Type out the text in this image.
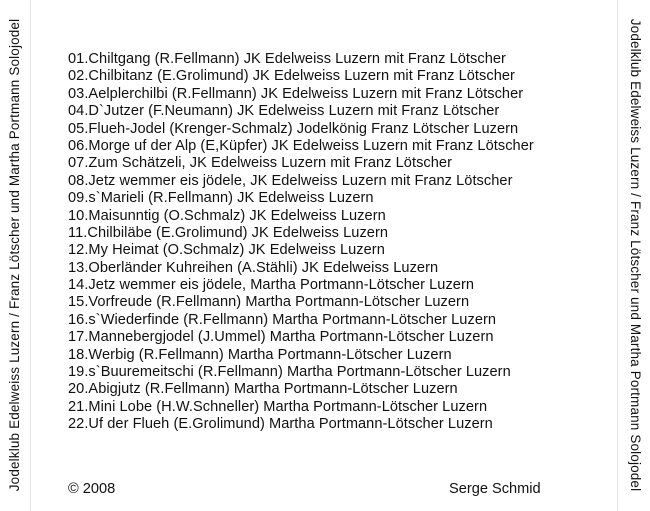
Jodelklub Edelweiss Luzern / Franz Lötscher und Martha Portmann Solojodel	01.Chiltgang (R.Fellmann) JK Edelweiss Luzern mit Franz Lötscher
02.Chilbitanz (E.Grolimund) JK Edelweiss Luzern mit Franz Lötscher
03.Aelplerchilbi (R.Fellmann) JK Edelweiss Luzern mit Franz Lötscher
04.D`Jutzer (F.Neumann) JK Edelweiss Luzern mit Franz Lötscher
05.Flueh-Jodel (Krenger-Schmalz) Jodelkönig Franz Lötscher Luzern
06.Morge uf der Alp (E,Küpfer) JK Edelweiss Luzern mit Franz Lötscher
07.Zum Schätzeli, JK Edelweiss Luzern mit Franz Lötscher
08.Jetz wemmer eis jödele, JK Edelweiss Luzern mit Franz Lötscher
09.s`Marieli (R.Fellmann) JK Edelweiss Luzern
10.Maisunntig (O.Schmalz) JK Edelweiss Luzern
11.Chilbiläbe (E.Grolimund) JK Edelweiss Luzern
12.My Heimat (O.Schmalz) JK Edelweiss Luzern
13.Oberländer Kuhreihen (A.Stähli) JK Edelweiss Luzern
14.Jetz wemmer eis jödele, Martha Portmann-Lötscher Luzern
15.Vorfreude (R.Fellmann) Martha Portmann-Lötscher Luzern
16.s`Wiederfinde (R.Fellmann) Martha Portmann-Lötscher Luzern
17.Mannebergjodel (J.Ummel) Martha Portmann-Lötscher Luzern
18.Werbig (R.Fellmann) Martha Portmann-Lötscher Luzern
19.s`Buuremeitschi (R.Fellmann) Martha Portmann-Lötscher Luzern
20.Abigjutz (R.Fellmann) Martha Portmann-Lötscher Luzern
21.Mini Lobe (H.W.Schneller) Martha Portmann-Lötscher Luzern
22.Uf der Flueh (E.Grolimund) Martha Portmann-Lötscher Luzern
© 2008	Serge Schmid	Jodelklub Edelweiss Luzern / Franz Lötscher und Martha Portmann Solojodel
